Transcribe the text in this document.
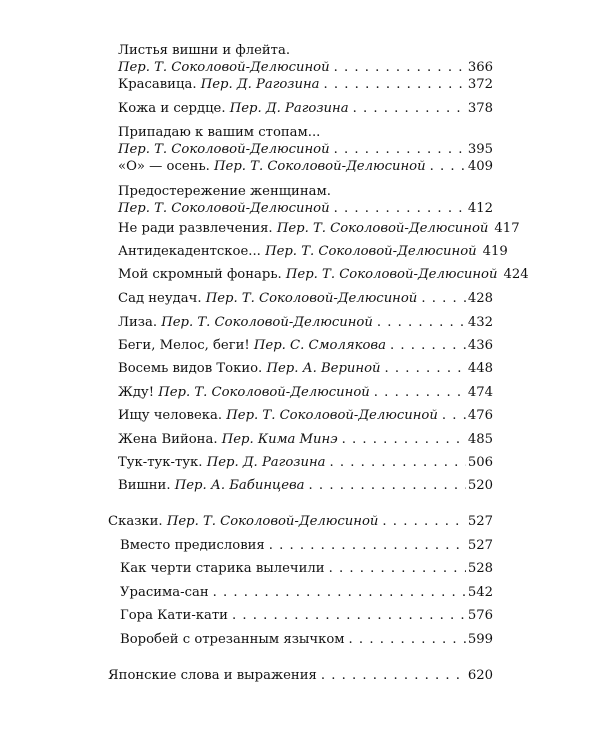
Листья вишни и флейта.
Пер. Т. Соколовой-Делюсиной . . .	366
Красавица. Пер. Д. Рагозина . . .	372
Кожа и сердце. Пер. Д. Рагозина . . .	378
Припадаю к вашим стопам...
Пер. Т. Соколовой-Делюсиной . . .	395
«О» — осень. Пер. Т. Соколовой-Делюсиной . . .	409
Предостережение женщинам.
Пер. Т. Соколовой-Делюсиной . . .	412
Не ради развлечения. Пер. Т. Соколовой-Делюсиной 417
Антидекадентское... Пер. Т. Соколовой-Делюсиной 419
Мой скромный фонарь. Пер. Т. Соколовой-Делюсиной 424
Сад неудач. Пер. Т. Соколовой-Делюсиной . . .	428
Лиза. Пер. Т. Соколовой-Делюсиной . . .	432
Беги, Мелос, беги! Пер. С. Смолякова . . .	436
Восемь видов Токио. Пер. А. Вериной . . .	448
Жду! Пер. Т. Соколовой-Делюсиной . . .	474
Ищу человека. Пер. Т. Соколовой-Делюсиной . . . 476
Жена Вийона. Пер. Кима Минэ . . .	485
Тук-тук-тук. Пер. Д. Рагозина . . .	506
Вишни. Пер. А. Бабинцева . . .	520
Сказки. Пер. Т. Соколовой-Делюсиной . . .	527
Вместо предисловия . . .	527
Как черти старика вылечили . . .	528
Урасима-сан . . .	542
Гора Кати-кати . . .	576
Воробей с отрезанным язычком . . .	599
Японские слова и выражения . . .	620
